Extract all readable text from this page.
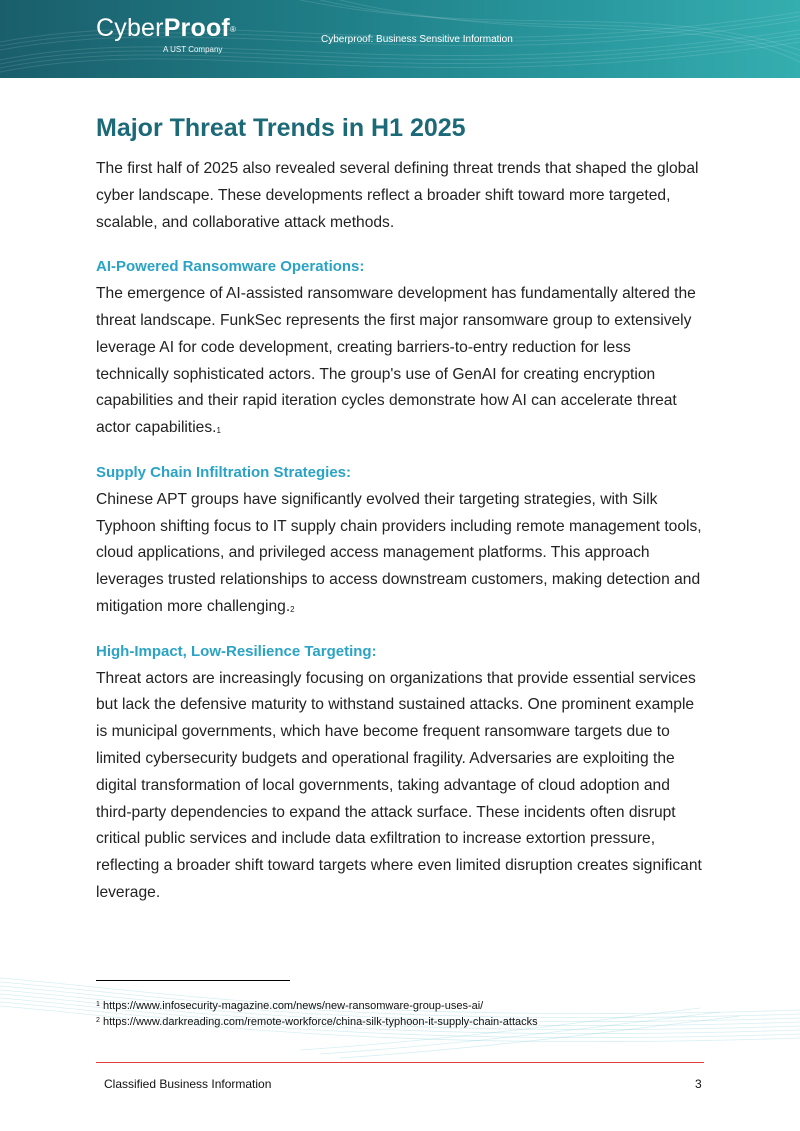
CyberProof®
A UST Company
Cyberproof: Business Sensitive Information
Major Threat Trends in H1 2025

The first half of 2025 also revealed several defining threat trends that shaped the global cyber landscape. These developments reflect a broader shift toward more targeted, scalable, and collaborative attack methods.

AI-Powered Ransomware Operations:

The emergence of AI-assisted ransomware development has fundamentally altered the threat landscape. FunkSec represents the first major ransomware group to extensively leverage AI for code development, creating barriers-to-entry reduction for less technically sophisticated actors. The group's use of GenAI for creating encryption capabilities and their rapid iteration cycles demonstrate how AI can accelerate threat actor capabilities.$^1$

Supply Chain Infiltration Strategies:

Chinese APT groups have significantly evolved their targeting strategies, with Silk Typhoon shifting focus to IT supply chain providers including remote management tools, cloud applications, and privileged access management platforms. This approach leverages trusted relationships to access downstream customers, making detection and mitigation more challenging.$^2$

High-Impact, Low-Resilience Targeting:

Threat actors are increasingly focusing on organizations that provide essential services but lack the defensive maturity to withstand sustained attacks. One prominent example is municipal governments, which have become frequent ransomware targets due to limited cybersecurity budgets and operational fragility. Adversaries are exploiting the digital transformation of local governments, taking advantage of cloud adoption and third-party dependencies to expand the attack surface. These incidents often disrupt critical public services and include data exfiltration to increase extortion pressure, reflecting a broader shift toward targets where even limited disruption creates significant leverage.

$^1$ https://www.infosecurity-magazine.com/news/new-ransomware-group-uses-ai/
$^2$ https://www.darkreading.com/remote-workforce/china-silk-typhoon-it-supply-chain-attacks
Classified Business Information	3
